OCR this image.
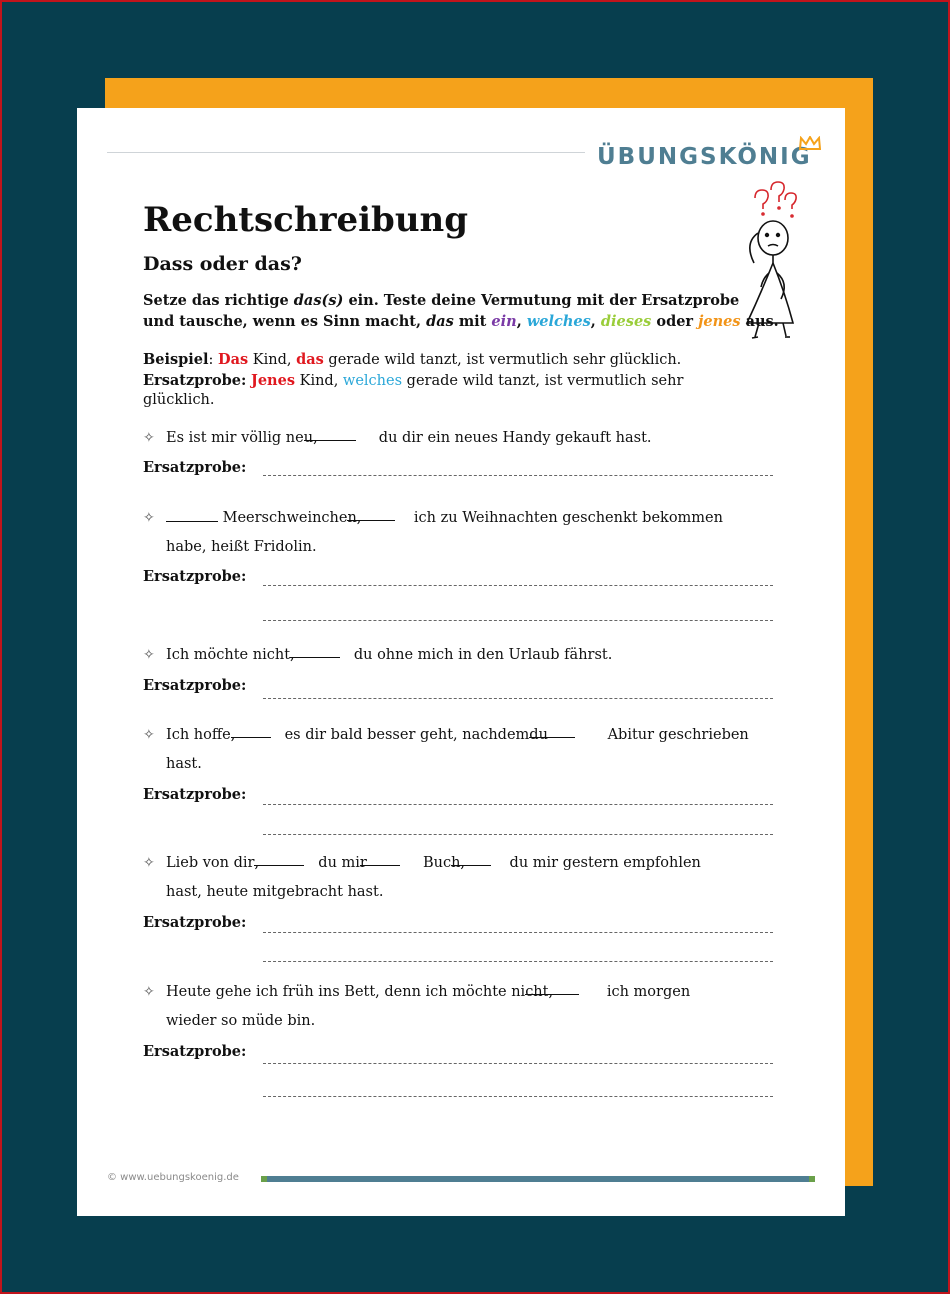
ÜBUNGSKÖNIG
Rechtschreibung
Dass oder das?
Setze das richtige das(s) ein. Teste deine Vermutung mit der Ersatzprobe
und tausche, wenn es Sinn macht, das mit ein, welches, dieses oder jenes aus.
Beispiel: Das Kind, das gerade wild tanzt, ist vermutlich sehr glücklich.
Ersatzprobe: Jenes Kind, welches gerade wild tanzt, ist vermutlich sehr
glücklich.
✧ Es ist mir völlig neu,	du dir ein neues Handy gekauft hast.
Ersatzprobe:
✧	Meerschweinchen,	ich zu Weihnachten geschenkt bekommen
habe, heißt Fridolin.
Ersatzprobe:
✧ Ich möchte nicht,	du ohne mich in den Urlaub fährst.
Ersatzprobe:
✧ Ich hoffe,	es dir bald besser geht, nachdemdu	Abitur geschrieben
hast.
Ersatzprobe:
✧ Lieb von dir,	du mir	Buch,	du mir gestern empfohlen
hast, heute mitgebracht hast.
Ersatzprobe:
✧ Heute gehe ich früh ins Bett, denn ich möchte nicht,	ich morgen
wieder so müde bin.
Ersatzprobe:
© www.uebungskoenig.de
